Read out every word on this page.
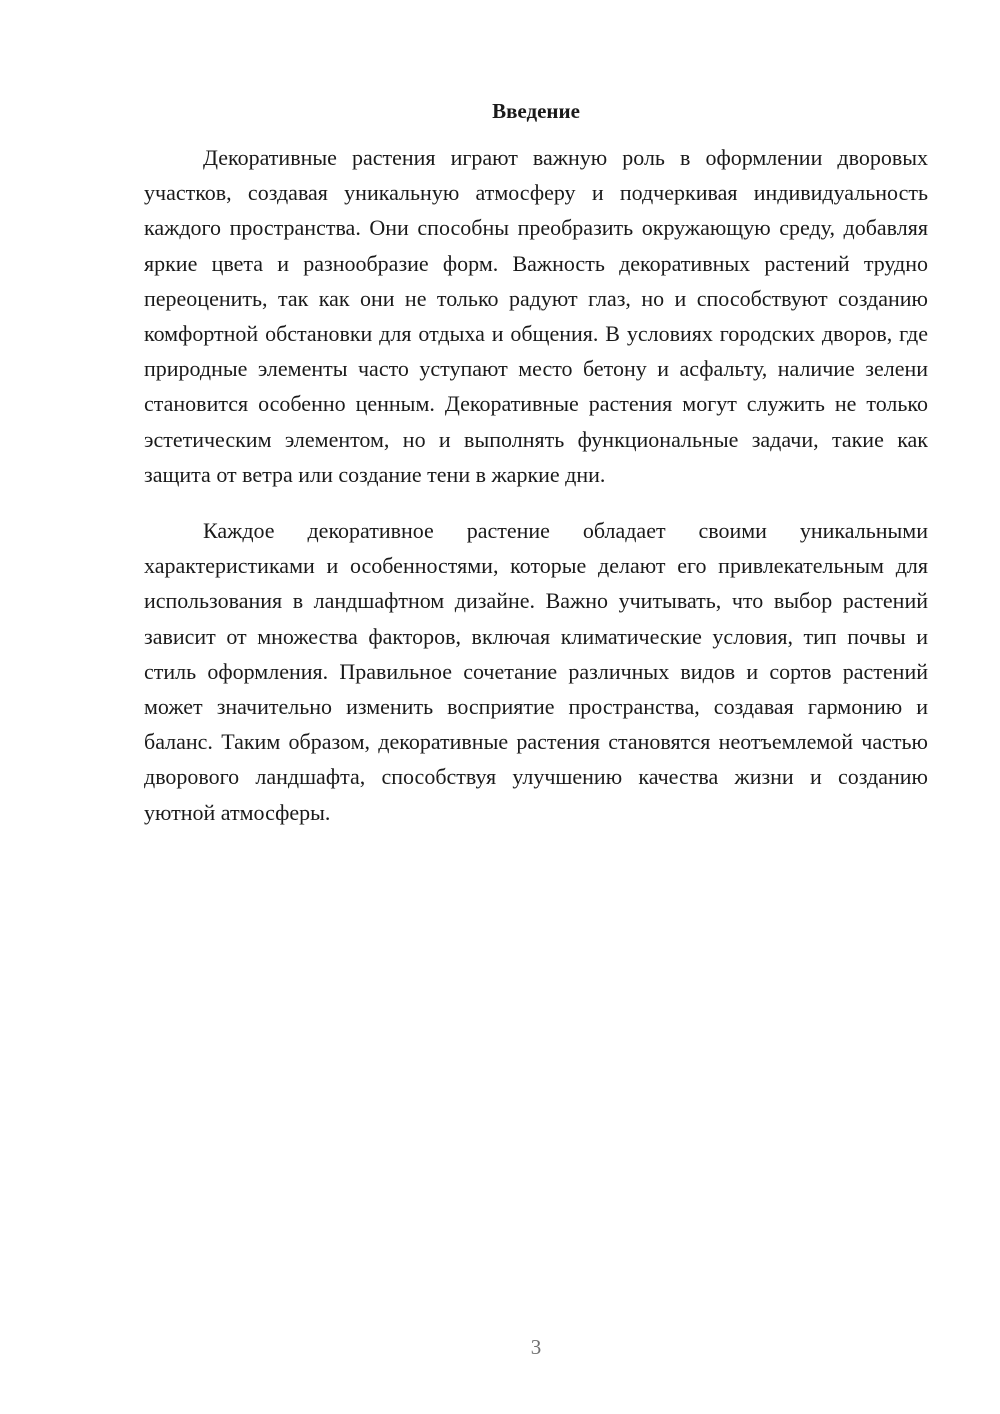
Введение

Декоративные растения играют важную роль в оформлении дворовых участков, создавая уникальную атмосферу и подчеркивая индивидуальность каждого пространства. Они способны преобразить окружающую среду, добавляя яркие цвета и разнообразие форм. Важность декоративных растений трудно переоценить, так как они не только радуют глаз, но и способствуют созданию комфортной обстановки для отдыха и общения. В условиях городских дворов, где природные элементы часто уступают место бетону и асфальту, наличие зелени становится особенно ценным. Декоративные растения могут служить не только эстетическим элементом, но и выполнять функциональные задачи, такие как защита от ветра или создание тени в жаркие дни.

Каждое декоративное растение обладает своими уникальными характеристиками и особенностями, которые делают его привлекательным для использования в ландшафтном дизайне. Важно учитывать, что выбор растений зависит от множества факторов, включая климатические условия, тип почвы и стиль оформления. Правильное сочетание различных видов и сортов растений может значительно изменить восприятие пространства, создавая гармонию и баланс. Таким образом, декоративные растения становятся неотъемлемой частью дворового ландшафта, способствуя улучшению качества жизни и созданию уютной атмосферы.

3
